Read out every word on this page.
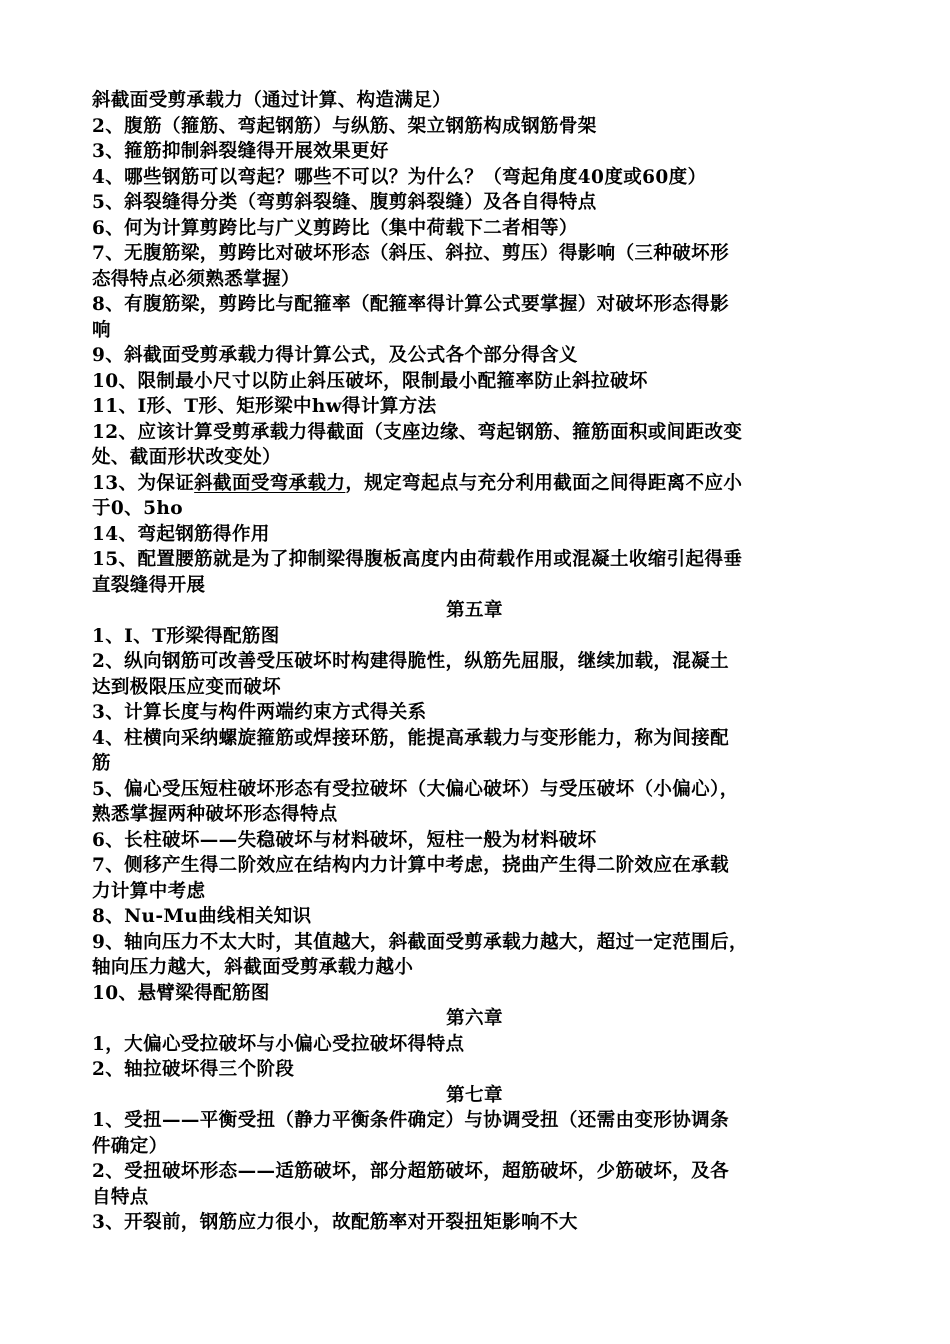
斜截面受剪承载力（通过计算、构造满足）
2、腹筋（箍筋、弯起钢筋）与纵筋、架立钢筋构成钢筋骨架
3、箍筋抑制斜裂缝得开展效果更好
4、哪些钢筋可以弯起？哪些不可以？为什么？（弯起角度40度或60度）
5、斜裂缝得分类（弯剪斜裂缝、腹剪斜裂缝）及各自得特点
6、何为计算剪跨比与广义剪跨比（集中荷载下二者相等）
7、无腹筋梁，剪跨比对破坏形态（斜压、斜拉、剪压）得影响（三种破坏形
态得特点必须熟悉掌握）
8、有腹筋梁，剪跨比与配箍率（配箍率得计算公式要掌握）对破坏形态得影
响
9、斜截面受剪承载力得计算公式，及公式各个部分得含义
10、限制最小尺寸以防止斜压破坏，限制最小配箍率防止斜拉破坏
11、I形、T形、矩形梁中hw得计算方法
12、应该计算受剪承载力得截面（支座边缘、弯起钢筋、箍筋面积或间距改变
处、截面形状改变处）
13、为保证斜截面受弯承载力，规定弯起点与充分利用截面之间得距离不应小
于0、5ho
14、弯起钢筋得作用
15、配置腰筋就是为了抑制梁得腹板高度内由荷载作用或混凝土收缩引起得垂
直裂缝得开展
第五章
1、I、T形梁得配筋图
2、纵向钢筋可改善受压破坏时构建得脆性，纵筋先屈服，继续加载，混凝土
达到极限压应变而破坏
3、计算长度与构件两端约束方式得关系
4、柱横向采纳螺旋箍筋或焊接环筋，能提高承载力与变形能力，称为间接配
筋
5、偏心受压短柱破坏形态有受拉破坏（大偏心破坏）与受压破坏（小偏心），
熟悉掌握两种破坏形态得特点
6、长柱破坏——失稳破坏与材料破坏，短柱一般为材料破坏
7、侧移产生得二阶效应在结构内力计算中考虑，挠曲产生得二阶效应在承载
力计算中考虑
8、Nu-Mu曲线相关知识
9、轴向压力不太大时，其值越大，斜截面受剪承载力越大，超过一定范围后，
轴向压力越大，斜截面受剪承载力越小
10、悬臂梁得配筋图
第六章
1，大偏心受拉破坏与小偏心受拉破坏得特点
2、轴拉破坏得三个阶段
第七章
1、受扭——平衡受扭（静力平衡条件确定）与协调受扭（还需由变形协调条
件确定）
2、受扭破坏形态——适筋破坏，部分超筋破坏，超筋破坏，少筋破坏，及各
自特点
3、开裂前，钢筋应力很小，故配筋率对开裂扭矩影响不大
